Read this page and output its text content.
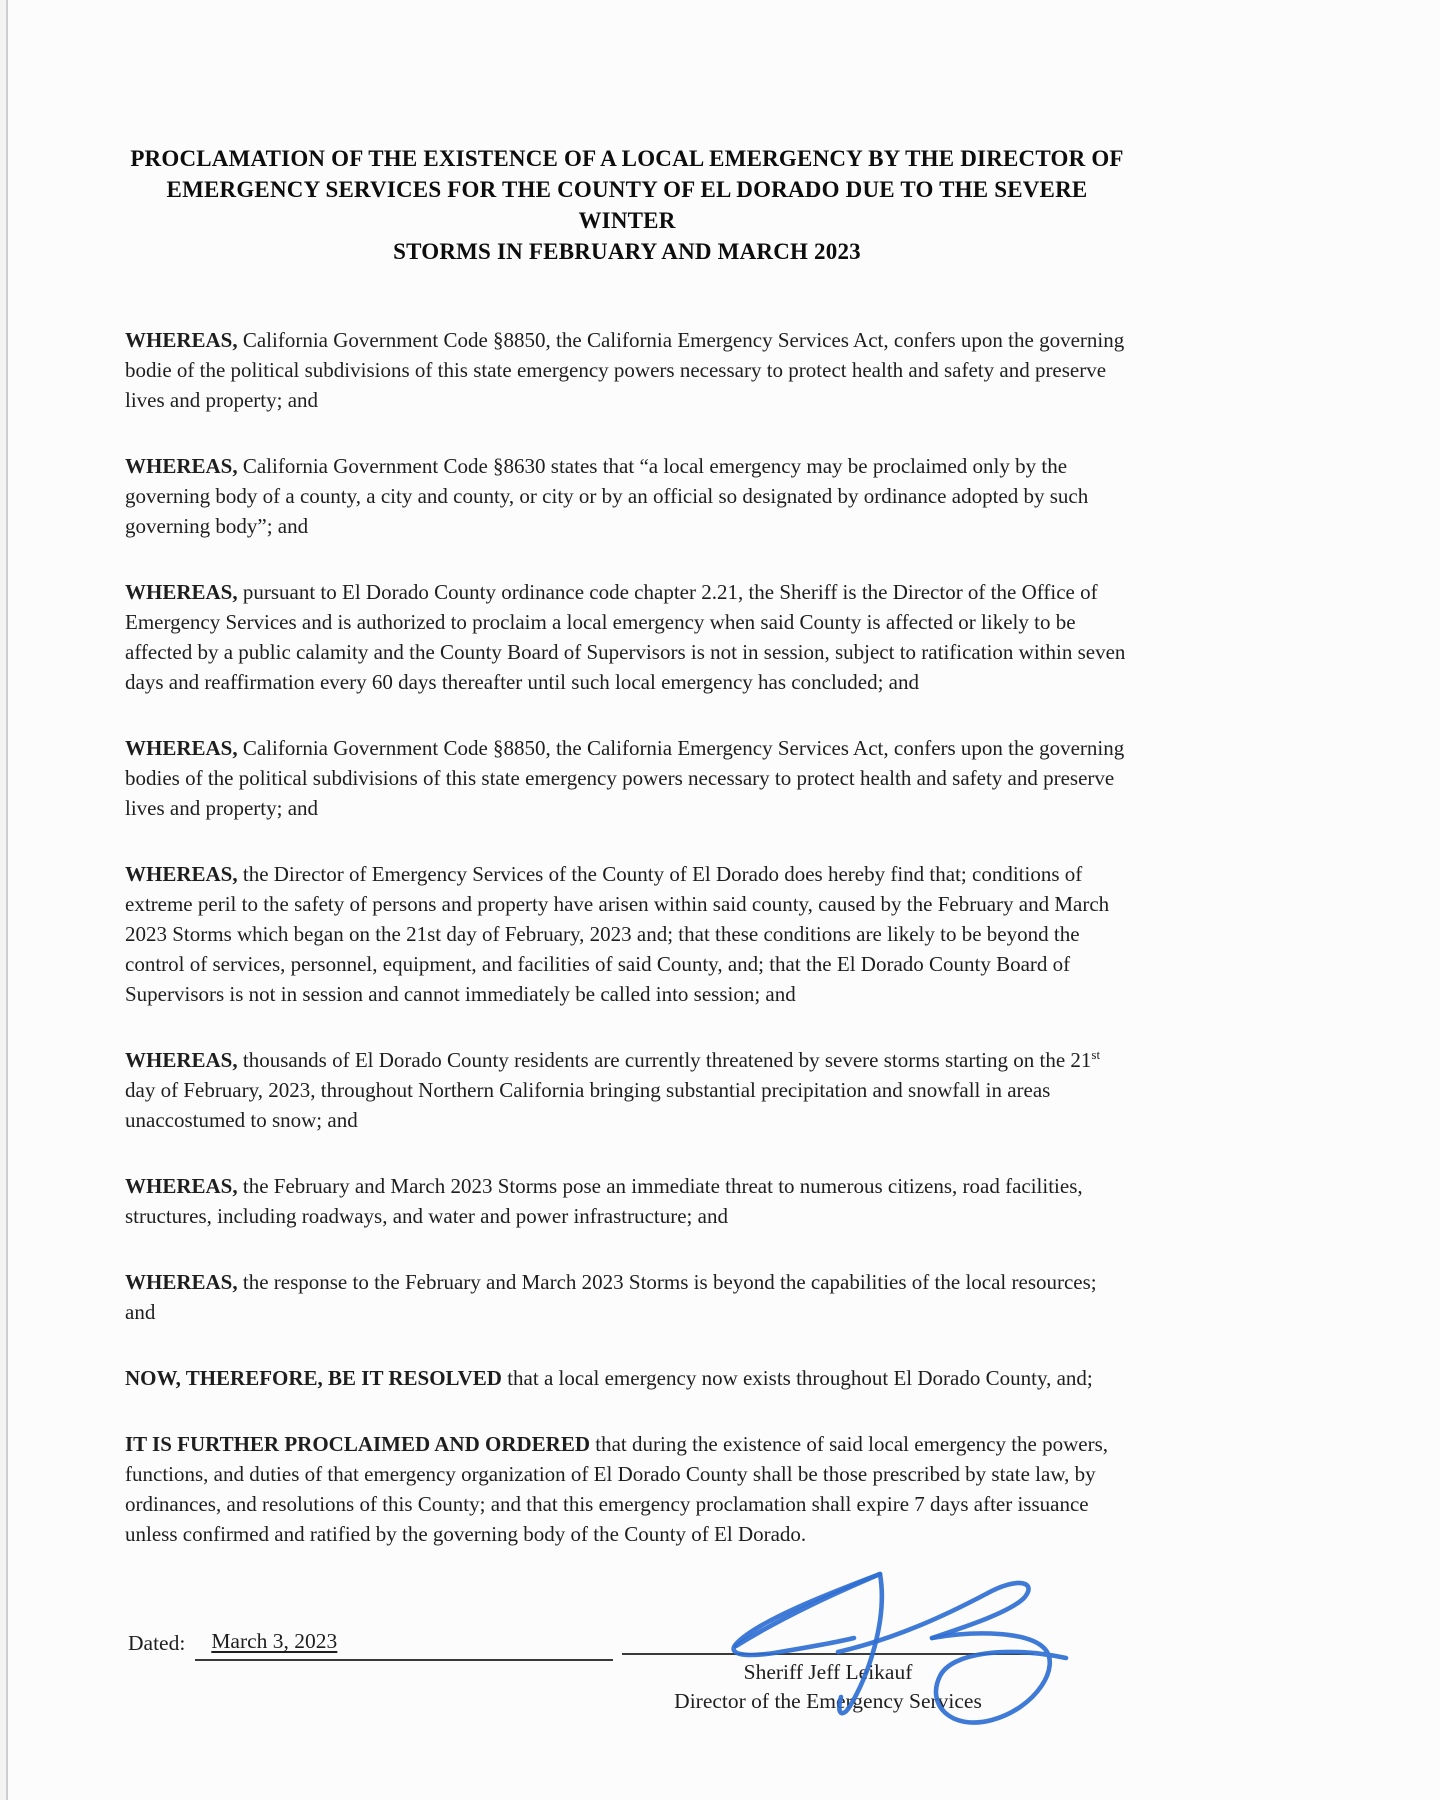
PROCLAMATION OF THE EXISTENCE OF A LOCAL EMERGENCY BY THE DIRECTOR OF
EMERGENCY SERVICES FOR THE COUNTY OF EL DORADO DUE TO THE SEVERE WINTER
STORMS IN FEBRUARY AND MARCH 2023

WHEREAS, California Government Code §8850, the California Emergency Services Act, confers upon the governing bodie of the political subdivisions of this state emergency powers necessary to protect health and safety and preserve lives and property; and

WHEREAS, California Government Code §8630 states that “a local emergency may be proclaimed only by the governing body of a county, a city and county, or city or by an official so designated by ordinance adopted by such governing body”; and

WHEREAS, pursuant to El Dorado County ordinance code chapter 2.21, the Sheriff is the Director of the Office of Emergency Services and is authorized to proclaim a local emergency when said County is affected or likely to be affected by a public calamity and the County Board of Supervisors is not in session, subject to ratification within seven days and reaffirmation every 60 days thereafter until such local emergency has concluded; and

WHEREAS, California Government Code §8850, the California Emergency Services Act, confers upon the governing bodies of the political subdivisions of this state emergency powers necessary to protect health and safety and preserve lives and property; and

WHEREAS, the Director of Emergency Services of the County of El Dorado does hereby find that; conditions of extreme peril to the safety of persons and property have arisen within said county, caused by the February and March 2023 Storms which began on the 21st day of February, 2023 and; that these conditions are likely to be beyond the control of services, personnel, equipment, and facilities of said County, and; that the El Dorado County Board of Supervisors is not in session and cannot immediately be called into session; and

WHEREAS, thousands of El Dorado County residents are currently threatened by severe storms starting on the 21st day of February, 2023, throughout Northern California bringing substantial precipitation and snowfall in areas unaccostumed to snow; and

WHEREAS, the February and March 2023 Storms pose an immediate threat to numerous citizens, road facilities, structures, including roadways, and water and power infrastructure; and

WHEREAS, the response to the February and March 2023 Storms is beyond the capabilities of the local resources; and

NOW, THEREFORE, BE IT RESOLVED that a local emergency now exists throughout El Dorado County, and;

IT IS FURTHER PROCLAIMED AND ORDERED that during the existence of said local emergency the powers, functions, and duties of that emergency organization of El Dorado County shall be those prescribed by state law, by ordinances, and resolutions of this County; and that this emergency proclamation shall expire 7 days after issuance unless confirmed and ratified by the governing body of the County of El Dorado.

Dated:	March 3, 2023
Sheriff Jeff Leikauf
Director of the Emergency Services
